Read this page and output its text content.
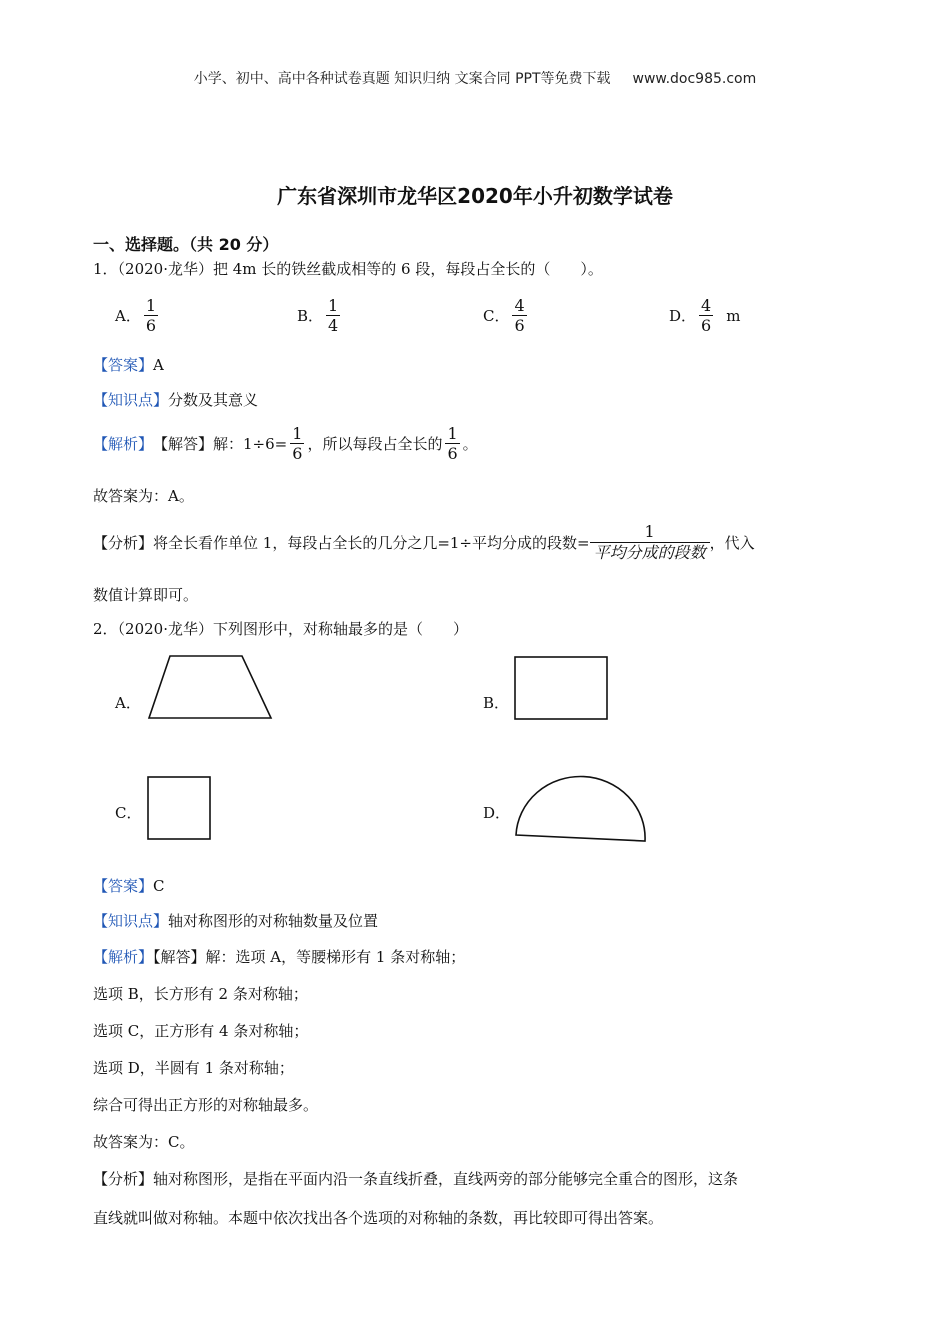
小学、初中、高中各种试卷真题 知识归纳 文案合同 PPT等免费下载 www.doc985.com
广东省深圳市龙华区2020年小升初数学试卷
一、选择题。（共 20 分）
1．（2020·龙华）把 4m 长的铁丝截成相等的 6 段，每段占全长的（　　）。
A． $\frac{1}{6}$	B． $\frac{1}{4}$	C． $\frac{4}{6}$	D． $\frac{4}{6}$ m
【答案】A
【知识点】分数及其意义
【解析】 【解答】解：$1\div 6= \frac{1}{6}$ ，所以每段占全长的 $\frac{1}{6}$ 。
故答案为：A。
【分析】将全长看作单位 1，每段占全长的几分之几=1÷平均分成的段数= $\frac{1}{\text{平均分成的段数}}$ ，代入
数值计算即可。
2．（2020·龙华）下列图形中，对称轴最多的是（　　）
A．	B．
C．	D．
【答案】C
【知识点】轴对称图形的对称轴数量及位置
【解析】【解答】解：选项 A，等腰梯形有 1 条对称轴；
选项 B，长方形有 2 条对称轴；
选项 C，正方形有 4 条对称轴；
选项 D，半圆有 1 条对称轴；
综合可得出正方形的对称轴最多。
故答案为：C。
【分析】轴对称图形，是指在平面内沿一条直线折叠，直线两旁的部分能够完全重合的图形，这条
直线就叫做对称轴。本题中依次找出各个选项的对称轴的条数，再比较即可得出答案。
